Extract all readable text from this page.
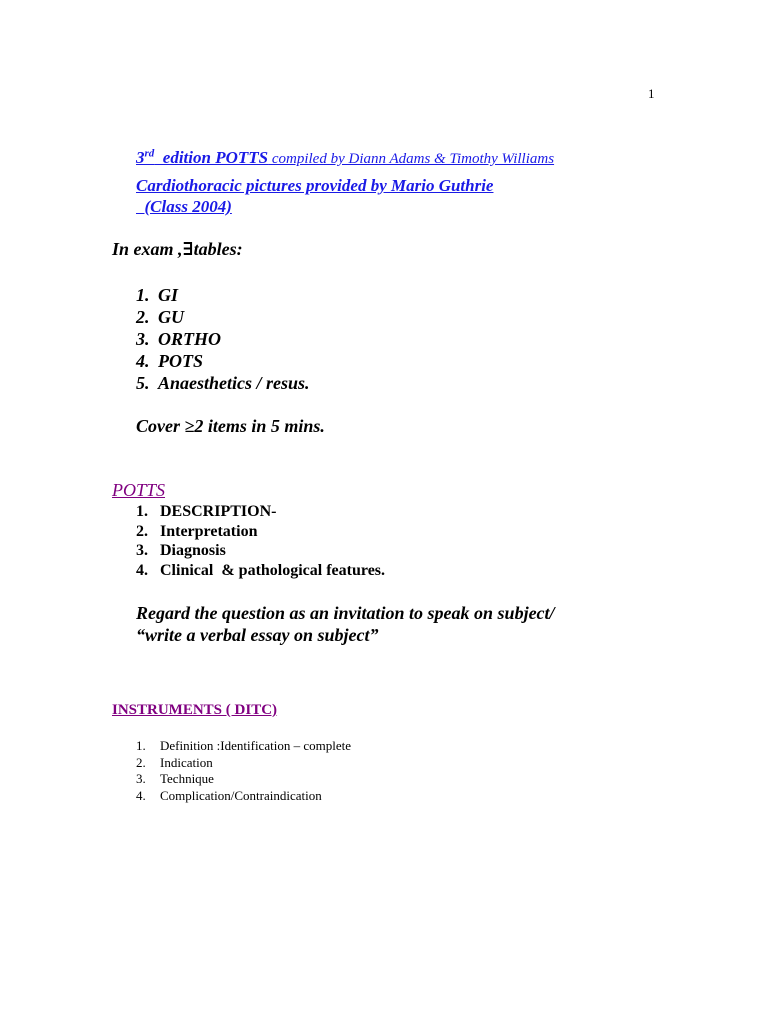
1
3rd  edition POTTS compiled by Diann Adams & Timothy Williams
Cardiothoracic pictures provided by Mario Guthrie
(Class 2004)
In exam ,∃tables:
1. GI
2. GU
3. ORTHO
4. POTS
5. Anaesthetics / resus.
Cover ≥2 items in 5 mins.
POTTS
1. DESCRIPTION-
2. Interpretation
3. Diagnosis
4. Clinical  & pathological features.
Regard the question as an invitation to speak on subject/
“write a verbal essay on subject”
INSTRUMENTS ( DITC)
1. Definition :Identification – complete
2. Indication
3. Technique
4. Complication/Contraindication
